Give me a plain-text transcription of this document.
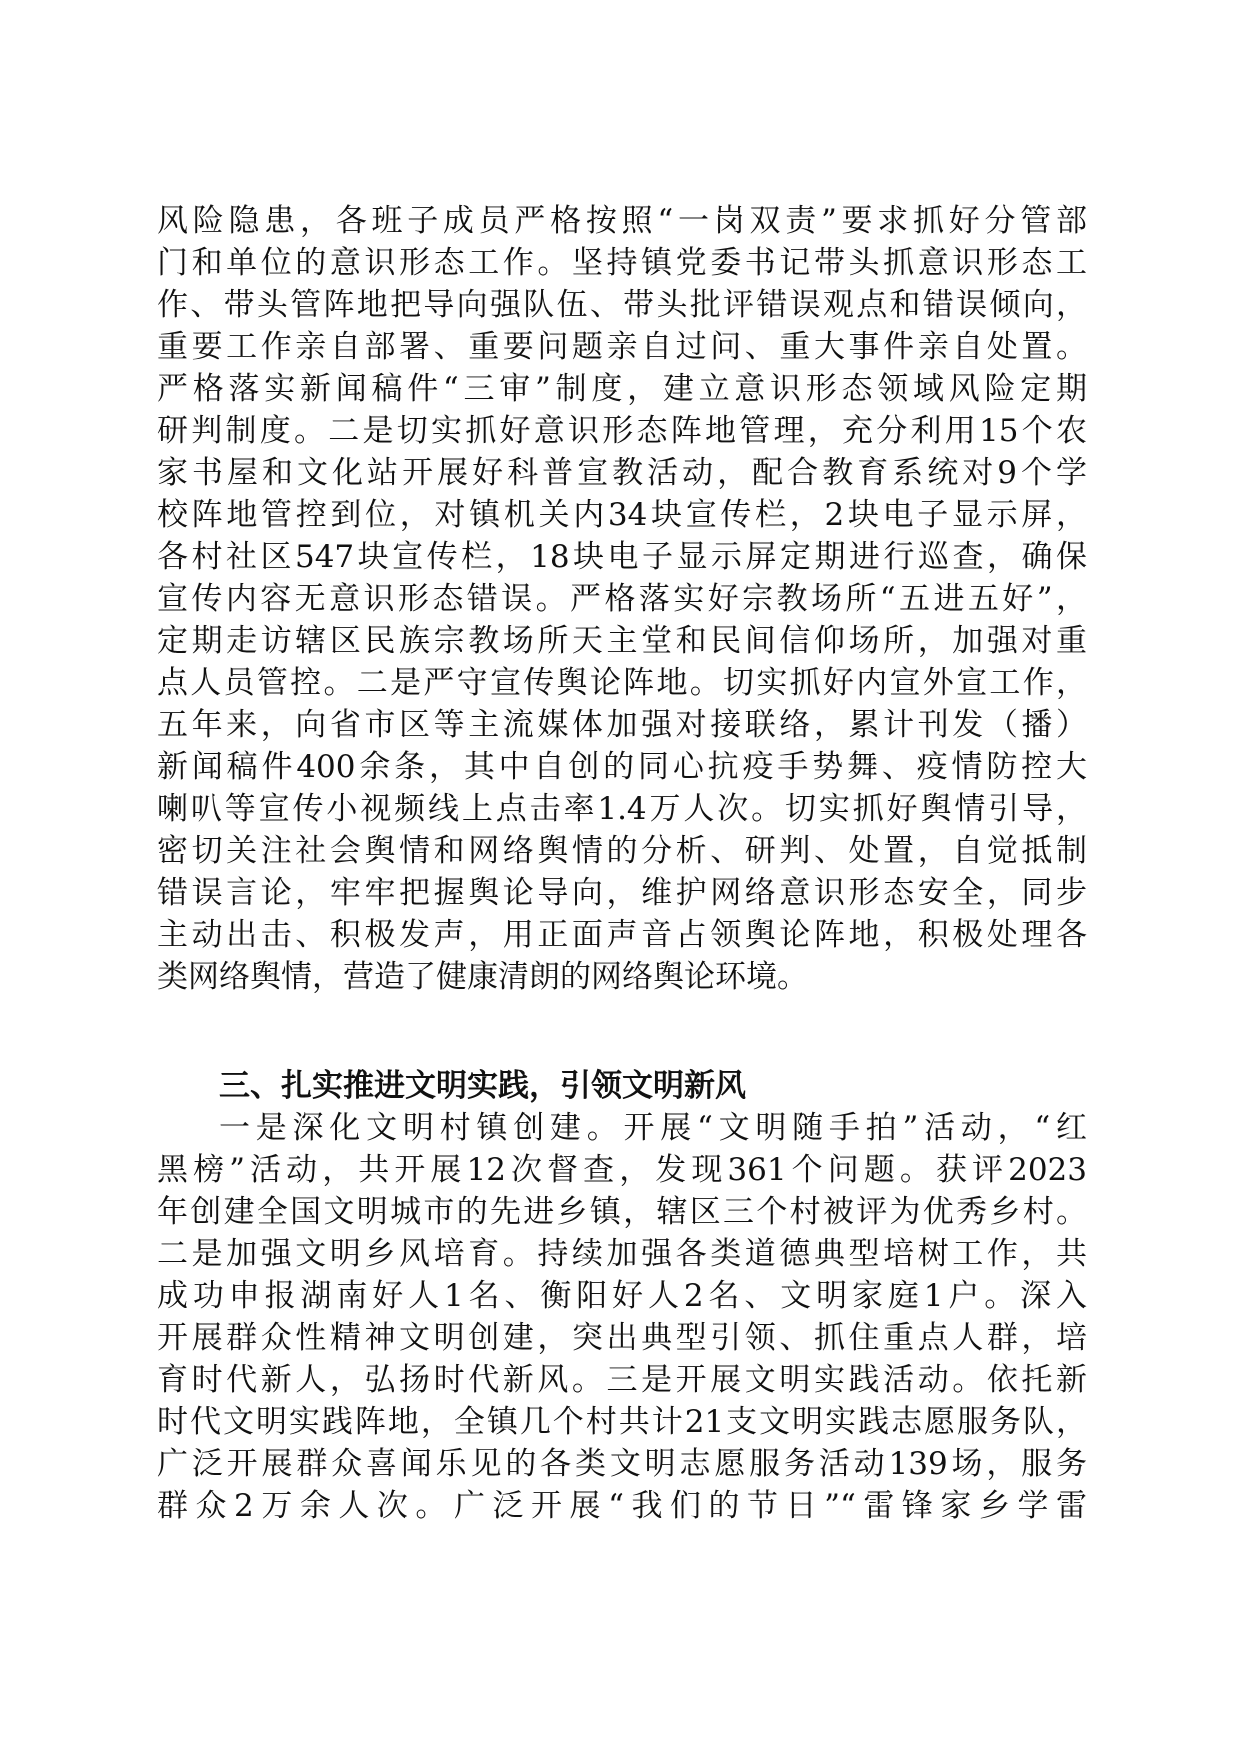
风险隐患，各班子成员严格按照“一岗双责”要求抓好分管部
门和单位的意识形态工作。坚持镇党委书记带头抓意识形态工
作、带头管阵地把导向强队伍、带头批评错误观点和错误倾向，
重要工作亲自部署、重要问题亲自过问、重大事件亲自处置。
严格落实新闻稿件“三审”制度，建立意识形态领域风险定期
研判制度。二是切实抓好意识形态阵地管理，充分利用15个农
家书屋和文化站开展好科普宣教活动，配合教育系统对9个学
校阵地管控到位，对镇机关内34块宣传栏，2块电子显示屏，
各村社区547块宣传栏，18块电子显示屏定期进行巡查，确保
宣传内容无意识形态错误。严格落实好宗教场所“五进五好”，
定期走访辖区民族宗教场所天主堂和民间信仰场所，加强对重
点人员管控。二是严守宣传舆论阵地。切实抓好内宣外宣工作，
五年来，向省市区等主流媒体加强对接联络，累计刊发（播）
新闻稿件400余条，其中自创的同心抗疫手势舞、疫情防控大
喇叭等宣传小视频线上点击率1.4万人次。切实抓好舆情引导，
密切关注社会舆情和网络舆情的分析、研判、处置，自觉抵制
错误言论，牢牢把握舆论导向，维护网络意识形态安全，同步
主动出击、积极发声，用正面声音占领舆论阵地，积极处理各
类网络舆情，营造了健康清朗的网络舆论环境。
三、扎实推进文明实践，引领文明新风
一是深化文明村镇创建。开展“文明随手拍”活动，“红
黑榜”活动，共开展12次督查，发现361个问题。获评2023
年创建全国文明城市的先进乡镇，辖区三个村被评为优秀乡村。
二是加强文明乡风培育。持续加强各类道德典型培树工作，共
成功申报湖南好人1名、衡阳好人2名、文明家庭1户。深入
开展群众性精神文明创建，突出典型引领、抓住重点人群，培
育时代新人，弘扬时代新风。三是开展文明实践活动。依托新
时代文明实践阵地，全镇几个村共计21支文明实践志愿服务队，
广泛开展群众喜闻乐见的各类文明志愿服务活动139场，服务
群众2万余人次。广泛开展“我们的节日”“雷锋家乡学雷
